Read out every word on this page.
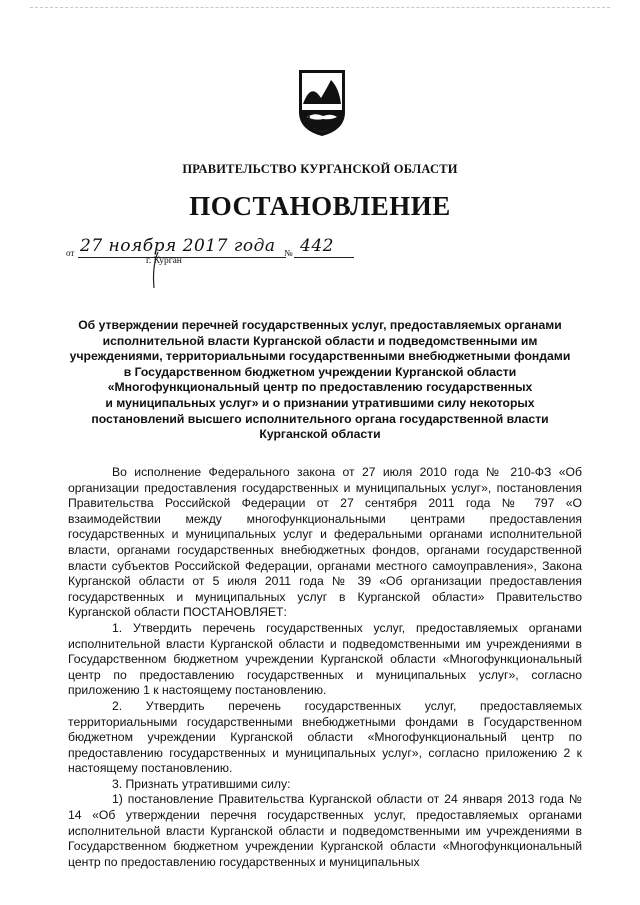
ПРАВИТЕЛЬСТВО КУРГАНСКОЙ ОБЛАСТИ
ПОСТАНОВЛЕНИЕ
от 27 ноября 2017 года № 442
г. Курган
Об утверждении перечней государственных услуг, предоставляемых органами
исполнительной власти Курганской области и подведомственными им
учреждениями, территориальными государственными внебюджетными фондами
в Государственном бюджетном учреждении Курганской области
«Многофункциональный центр по предоставлению государственных
и муниципальных услуг» и о признании утратившими силу некоторых
постановлений высшего исполнительного органа государственной власти
Курганской области

Во исполнение Федерального закона от 27 июля 2010 года № 210-ФЗ «Об организации предоставления государственных и муниципальных услуг», постановления Правительства Российской Федерации от 27 сентября 2011 года № 797 «О взаимодействии между многофункциональными центрами предоставления государственных и муниципальных услуг и федеральными органами исполнительной власти, органами государственных внебюджетных фондов, органами государственной власти субъектов Российской Федерации, органами местного самоуправления», Закона Курганской области от 5 июля 2011 года № 39 «Об организации предоставления государственных и муниципальных услуг в Курганской области» Правительство Курганской области ПОСТАНОВЛЯЕТ:

1. Утвердить перечень государственных услуг, предоставляемых органами исполнительной власти Курганской области и подведомственными им учреждениями в Государственном бюджетном учреждении Курганской области «Многофункциональный центр по предоставлению государственных и муниципальных услуг», согласно приложению 1 к настоящему постановлению.

2. Утвердить перечень государственных услуг, предоставляемых территориальными государственными внебюджетными фондами в Государственном бюджетном учреждении Курганской области «Многофункциональный центр по предоставлению государственных и муниципальных услуг», согласно приложению 2 к настоящему постановлению.

3. Признать утратившими силу:

1) постановление Правительства Курганской области от 24 января 2013 года № 14 «Об утверждении перечня государственных услуг, предоставляемых органами исполнительной власти Курганской области и подведомственными им учреждениями в Государственном бюджетном учреждении Курганской области «Многофункциональный центр по предоставлению государственных и муниципальных
